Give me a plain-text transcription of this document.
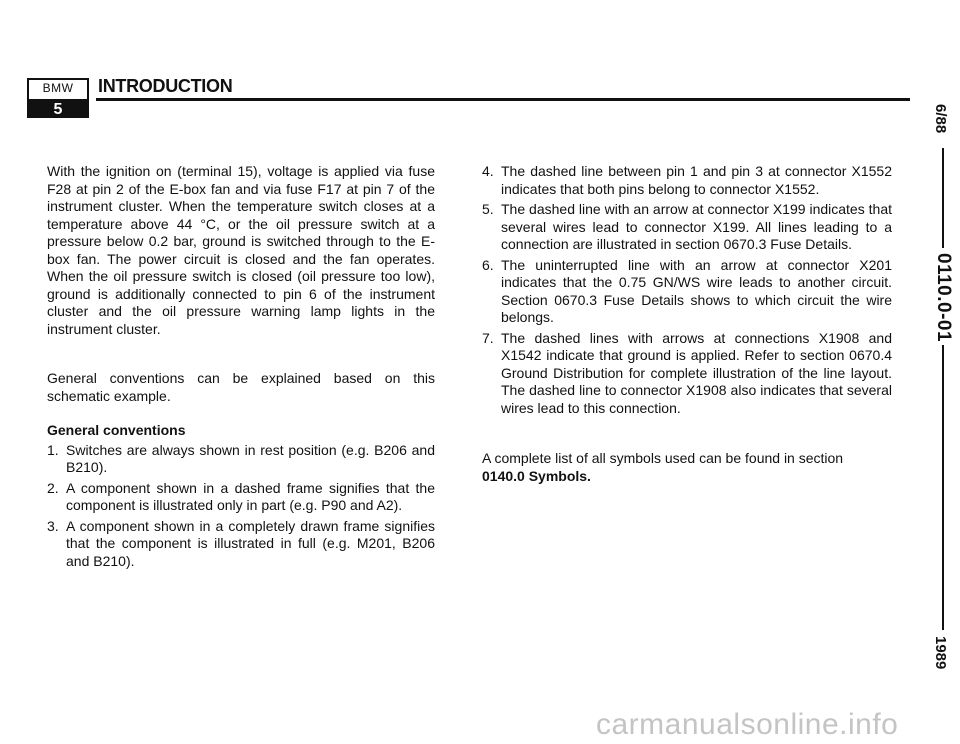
BMW
5
INTRODUCTION

With the ignition on (terminal 15), voltage is applied via fuse F28 at pin 2 of the E-box fan and via fuse F17 at pin 7 of the instrument cluster. When the temperature switch closes at a temperature above 44 °C, or the oil pressure switch at a pressure below 0.2 bar, ground is switched through to the E-box fan. The power circuit is closed and the fan operates. When the oil pressure switch is closed (oil pressure too low), ground is additionally connected to pin 6 of the instrument cluster and the oil pressure warning lamp lights in the instrument cluster.

General conventions can be explained based on this schematic example.

General conventions

1. Switches are always shown in rest position (e.g. B206 and B210).
2. A component shown in a dashed frame signifies that the component is illustrated only in part (e.g. P90 and A2).
3. A component shown in a completely drawn frame signifies that the component is illustrated in full (e.g. M201, B206 and B210).
4. The dashed line between pin 1 and pin 3 at connector X1552 indicates that both pins belong to connector X1552.
5. The dashed line with an arrow at connector X199 indicates that several wires lead to connector X199. All lines leading to a connection are illustrated in section 0670.3 Fuse Details.
6. The uninterrupted line with an arrow at connector X201 indicates that the 0.75 GN/WS wire leads to another circuit. Section 0670.3 Fuse Details shows to which circuit the wire belongs.
7. The dashed lines with arrows at connections X1908 and X1542 indicate that ground is applied. Refer to section 0670.4 Ground Distribution for complete illustration of the line layout. The dashed line to connector X1908 also indicates that several wires lead to this connection.

A complete list of all symbols used can be found in section
0140.0 Symbols.

6/88
0110.0-01
1989
carmanualsonline.info
